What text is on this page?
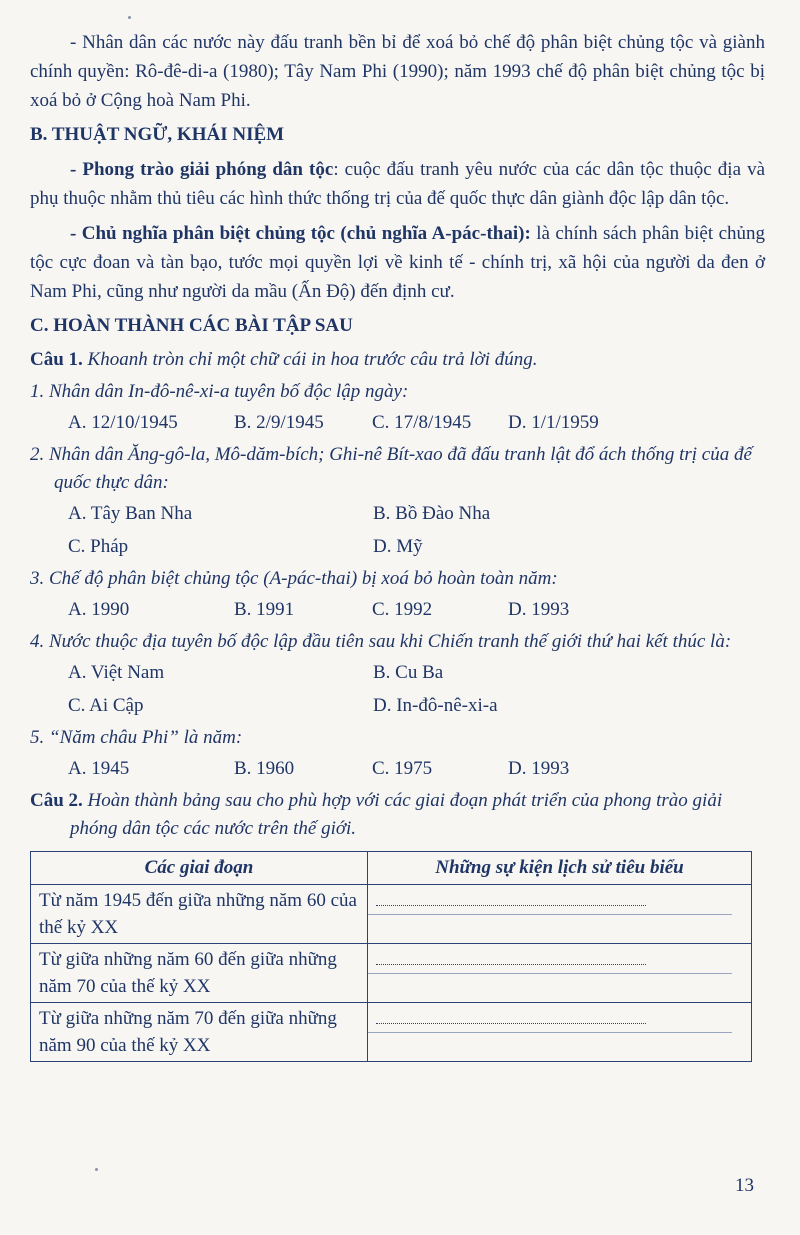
- Nhân dân các nước này đấu tranh bền bỉ để xoá bỏ chế độ phân biệt chủng tộc và giành chính quyền: Rô-đê-di-a (1980); Tây Nam Phi (1990); năm 1993 chế độ phân biệt chủng tộc bị xoá bỏ ở Cộng hoà Nam Phi.

B. THUẬT NGỮ, KHÁI NIỆM

- Phong trào giải phóng dân tộc: cuộc đấu tranh yêu nước của các dân tộc thuộc địa và phụ thuộc nhằm thủ tiêu các hình thức thống trị của đế quốc thực dân giành độc lập dân tộc.

- Chủ nghĩa phân biệt chủng tộc (chủ nghĩa A-pác-thai): là chính sách phân biệt chủng tộc cực đoan và tàn bạo, tước mọi quyền lợi về kinh tế - chính trị, xã hội của người da đen ở Nam Phi, cũng như người da mầu (Ấn Độ) đến định cư.

C. HOÀN THÀNH CÁC BÀI TẬP SAU

Câu 1. Khoanh tròn chỉ một chữ cái in hoa trước câu trả lời đúng.

1. Nhân dân In-đô-nê-xi-a tuyên bố độc lập ngày:

A. 12/10/1945	B. 2/9/1945	C. 17/8/1945	D. 1/1/1959

2. Nhân dân Ăng-gô-la, Mô-dăm-bích; Ghi-nê Bít-xao đã đấu tranh lật đổ ách thống trị của đế quốc thực dân:

A. Tây Ban Nha	B. Bồ Đào Nha
C. Pháp	D. Mỹ

3. Chế độ phân biệt chủng tộc (A-pác-thai) bị xoá bỏ hoàn toàn năm:

A. 1990	B. 1991	C. 1992	D. 1993

4. Nước thuộc địa tuyên bố độc lập đầu tiên sau khi Chiến tranh thế giới thứ hai kết thúc là:

A. Việt Nam	B. Cu Ba
C. Ai Cập	D. In-đô-nê-xi-a

5. “Năm châu Phi” là năm:

A. 1945	B. 1960	C. 1975	D. 1993

Câu 2. Hoàn thành bảng sau cho phù hợp với các giai đoạn phát triển của phong trào giải phóng dân tộc các nước trên thế giới.

Các giai đoạn	Những sự kiện lịch sử tiêu biểu
Từ năm 1945 đến giữa những năm 60 của thế kỷ XX	

Từ giữa những năm 60 đến giữa những năm 70 của thế kỷ XX	

Từ giữa những năm 70 đến giữa những năm 90 của thế kỷ XX	
13
